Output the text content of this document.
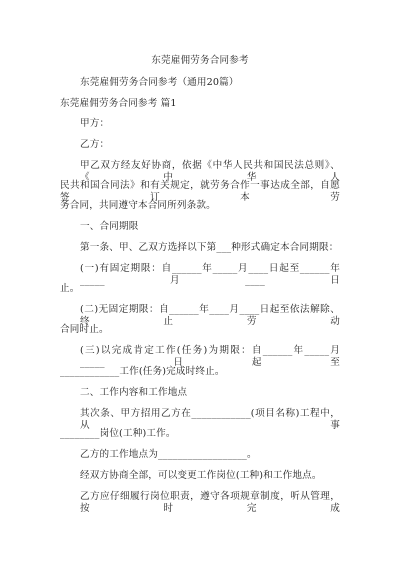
东莞雇佣劳务合同参考
东莞雇佣劳务合同参考（通用20篇）
东莞雇佣劳务合同参考 篇1
甲方：
乙方：
甲乙双方经友好协商，依据《中华人民共和国民法总则》、《中华人
民共和国合同法》和有关规定，就劳务合作一事达成全部，自愿签订本劳
务合同，共同遵守本合同所列条款。
一、合同期限
第一条、甲、乙双方选择以下第___种形式确定本合同期限：
(一)有固定期限：自______年_____月____日起至______年_____月____日
止。
(二)无固定期限：自______年____月____日起至依法解除、终止劳动
合同时止。
(三)以完成肯定工作(任务)为期限：自______年_____月_____日起至
____________工作(任务)完成时终止。
二、工作内容和工作地点
其次条、甲方招用乙方在____________(项目名称)工程中，从事
________岗位(工种)工作。
乙方的工作地点为__________________。
经双方协商全部，可以变更工作岗位(工种)和工作地点。
乙方应仔细履行岗位职责，遵守各项规章制度，听从管理，按时完成
